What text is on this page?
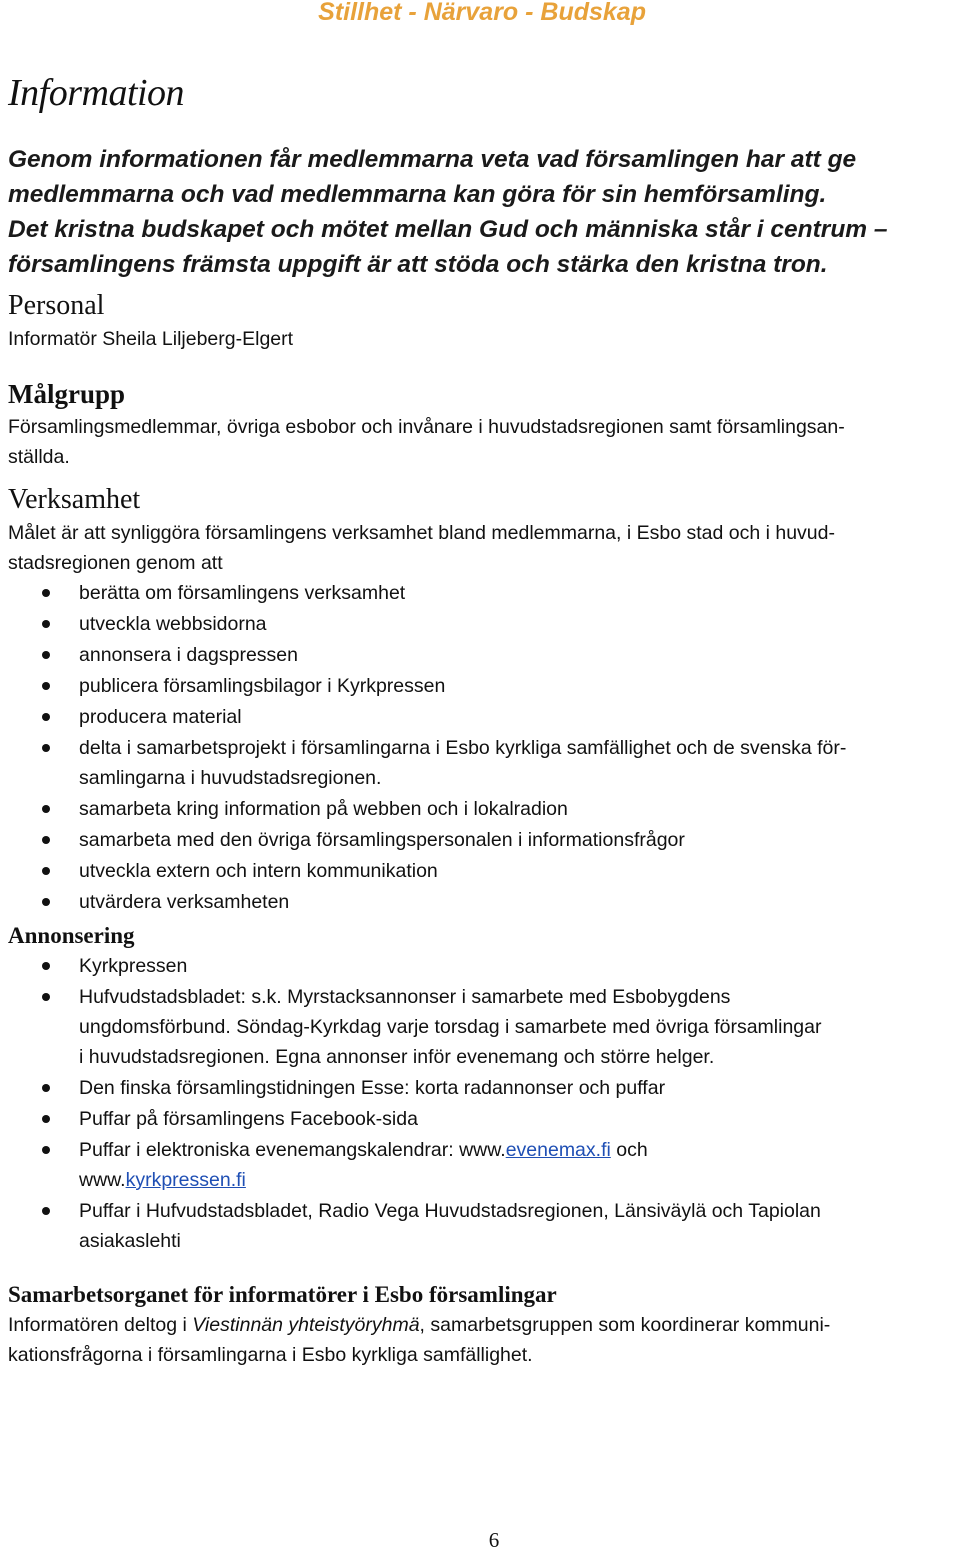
Stillhet - Närvaro - Budskap
Information

Genom informationen får medlemmarna veta vad församlingen har att ge

medlemmarna och vad medlemmarna kan göra för sin hemförsamling.

Det kristna budskapet och mötet mellan Gud och människa står i centrum –

församlingens främsta uppgift är att stöda och stärka den kristna tron.

Personal

Informatör Sheila Liljeberg-Elgert

Målgrupp

Församlingsmedlemmar, övriga esbobor och invånare i huvudstadsregionen samt församlingsan-

ställda.

Verksamhet

Målet är att synliggöra församlingens verksamhet bland medlemmarna, i Esbo stad och i huvud-

stadsregionen genom att

berätta om församlingens verksamhet
utveckla webbsidorna
annonsera i dagspressen
publicera församlingsbilagor i Kyrkpressen
producera material
delta i samarbetsprojekt i församlingarna i Esbo kyrkliga samfällighet och de svenska för-
samlingarna i huvudstadsregionen.
samarbeta kring information på webben och i lokalradion
samarbeta med den övriga församlingspersonalen i informationsfrågor
utveckla extern och intern kommunikation
utvärdera verksamheten
Annonsering
Kyrkpressen
Hufvudstadsbladet: s.k. Myrstacksannonser i samarbete med Esbobygdens
ungdomsförbund. Söndag-Kyrkdag varje torsdag i samarbete med övriga församlingar
i huvudstadsregionen. Egna annonser inför evenemang och större helger.
Den finska församlingstidningen Esse: korta radannonser och puffar
Puffar på församlingens Facebook-sida
Puffar i elektroniska evenemangskalendrar: www.evenemax.fi och
www.kyrkpressen.fi
Puffar i Hufvudstadsbladet, Radio Vega Huvudstadsregionen, Länsiväylä och Tapiolan
asiakaslehti
Samarbetsorganet för informatörer i Esbo församlingar

Informatören deltog i Viestinnän yhteistyöryhmä, samarbetsgruppen som koordinerar kommuni-

kationsfrågorna i församlingarna i Esbo kyrkliga samfällighet.

6
